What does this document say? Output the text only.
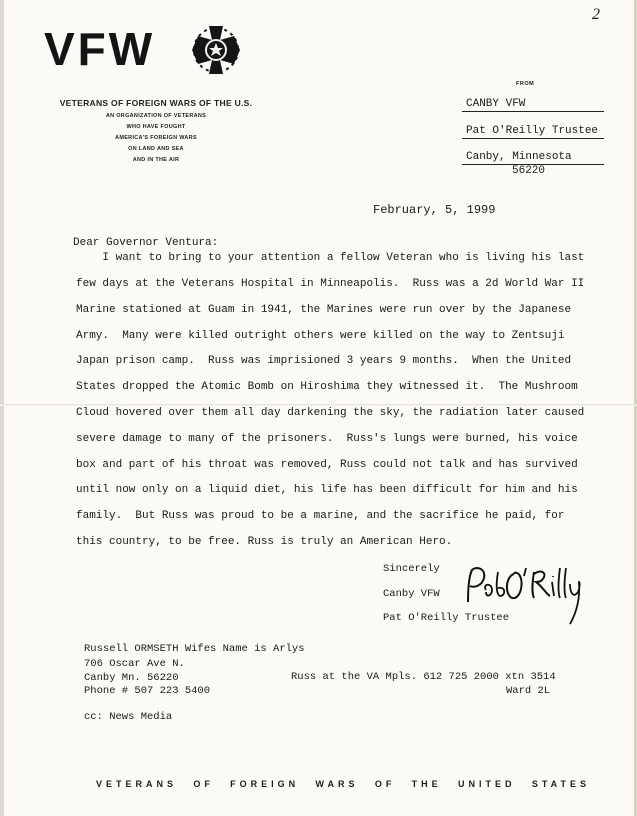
2
VFW
VETERANS OF FOREIGN WARS OF THE U.S.
AN ORGANIZATION OF VETERANS
WHO HAVE FOUGHT
AMERICA'S FOREIGN WARS
ON LAND AND SEA
AND IN THE AIR
FROM
CANBY VFW
Pat O'Reilly Trustee
Canby, Minnesota
56220
February, 5, 1999
Dear Governor Ventura:
I want to bring to your attention a fellow Veteran who is living his last
few days at the Veterans Hospital in Minneapolis.  Russ was a 2d World War II
Marine stationed at Guam in 1941, the Marines were run over by the Japanese
Army.  Many were killed outright others were killed on the way to Zentsuji
Japan prison camp.  Russ was imprisioned 3 years 9 months.  When the United
States dropped the Atomic Bomb on Hiroshima they witnessed it.  The Mushroom
Cloud hovered over them all day darkening the sky, the radiation later caused
severe damage to many of the prisoners.  Russ's lungs were burned, his voice
box and part of his throat was removed, Russ could not talk and has survived
until now only on a liquid diet, his life has been difficult for him and his
family.  But Russ was proud to be a marine, and the sacrifice he paid, for
this country, to be free. Russ is truly an American Hero.
Sincerely
Canby VFW
Pat O'Reilly Trustee
Russell ORMSETH Wifes Name is Arlys
706 Oscar Ave N.
Canby Mn. 56220
Phone # 507 223 5400
Russ at the VA Mpls. 612 725 2000 xtn 3514
Ward 2L
cc: News Media
VETERANS OF FOREIGN WARS OF THE UNITED STATES
